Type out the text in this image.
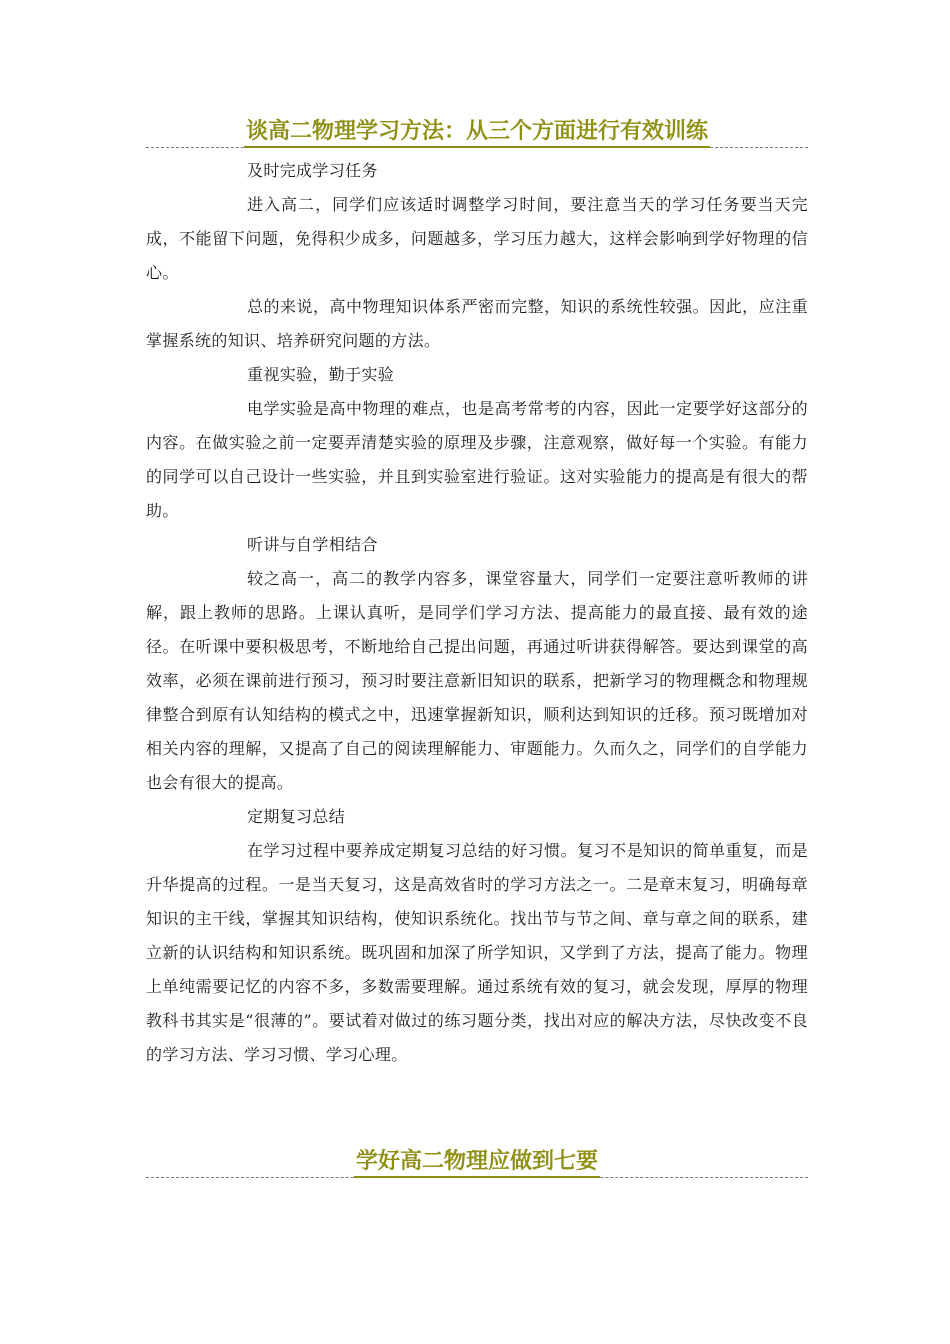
谈高二物理学习方法：从三个方面进行有效训练

及时完成学习任务

进入高二，同学们应该适时调整学习时间，要注意当天的学习任务要当天完成，不能留下问题，免得积少成多，问题越多，学习压力越大，这样会影响到学好物理的信心。

总的来说，高中物理知识体系严密而完整，知识的系统性较强。因此，应注重掌握系统的知识、培养研究问题的方法。

重视实验，勤于实验

电学实验是高中物理的难点，也是高考常考的内容，因此一定要学好这部分的内容。在做实验之前一定要弄清楚实验的原理及步骤，注意观察，做好每一个实验。有能力的同学可以自己设计一些实验，并且到实验室进行验证。这对实验能力的提高是有很大的帮助。

听讲与自学相结合

较之高一，高二的教学内容多，课堂容量大，同学们一定要注意听教师的讲解，跟上教师的思路。上课认真听，是同学们学习方法、提高能力的最直接、最有效的途径。在听课中要积极思考，不断地给自己提出问题，再通过听讲获得解答。要达到课堂的高效率，必须在课前进行预习，预习时要注意新旧知识的联系，把新学习的物理概念和物理规律整合到原有认知结构的模式之中，迅速掌握新知识，顺利达到知识的迁移。预习既增加对相关内容的理解，又提高了自己的阅读理解能力、审题能力。久而久之，同学们的自学能力也会有很大的提高。

定期复习总结

在学习过程中要养成定期复习总结的好习惯。复习不是知识的简单重复，而是升华提高的过程。一是当天复习，这是高效省时的学习方法之一。二是章末复习，明确每章知识的主干线，掌握其知识结构，使知识系统化。找出节与节之间、章与章之间的联系，建立新的认识结构和知识系统。既巩固和加深了所学知识，又学到了方法，提高了能力。物理上单纯需要记忆的内容不多，多数需要理解。通过系统有效的复习，就会发现，厚厚的物理教科书其实是“很薄的”。要试着对做过的练习题分类，找出对应的解决方法，尽快改变不良的学习方法、学习习惯、学习心理。

学好高二物理应做到七要
